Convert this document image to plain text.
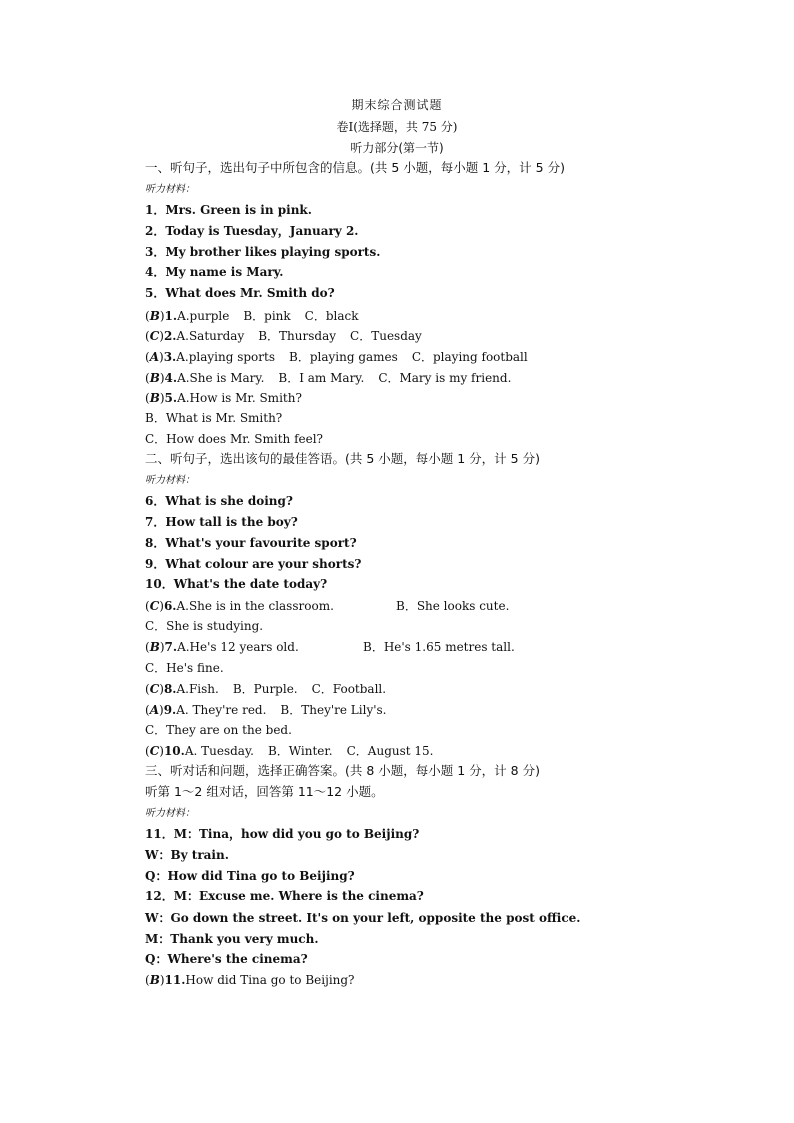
期末综合测试题
卷Ⅰ(选择题，共 75 分)
听力部分(第一节)
一、听句子，选出句子中所包含的信息。(共 5 小题，每小题 1 分，计 5 分)
听力材料：
1．Mrs. Green is in pink.
2．Today is Tuesday，January 2.
3．My brother likes playing sports.
4．My name is Mary.
5．What does Mr. Smith do?
(B)1.A.purple B．pink C．black
(C)2.A.Saturday B．Thursday C．Tuesday
(A)3.A.playing sports B．playing games C．playing football
(B)4.A.She is Mary. B．I am Mary. C．Mary is my friend.
(B)5.A.How is Mr. Smith?
B．What is Mr. Smith?
C．How does Mr. Smith feel?
二、听句子，选出该句的最佳答语。(共 5 小题，每小题 1 分，计 5 分)
听力材料：
6．What is she doing?
7．How tall is the boy?
8．What's your favourite sport?
9．What colour are your shorts?
10．What's the date today?
(C)6.A.She is in the classroom.	B．She looks cute.
C．She is studying.
(B)7.A.He's 12 years old.	B．He's 1.65 metres tall.
C．He's fine.
(C)8.A.Fish. B．Purple. C．Football.
(A)9.A. They're red. B．They're Lily's.
C．They are on the bed.
(C)10.A. Tuesday. B．Winter. C．August 15.
三、听对话和问题，选择正确答案。(共 8 小题，每小题 1 分，计 8 分)
听第 1～2 组对话，回答第 11～12 小题。
听力材料：
11．M：Tina，how did you go to Beijing?
W：By train.
Q：How did Tina go to Beijing?
12．M：Excuse me. Where is the cinema?
W：Go down the street. It's on your left, opposite the post office.
M：Thank you very much.
Q：Where's the cinema?
(B)11.How did Tina go to Beijing?
